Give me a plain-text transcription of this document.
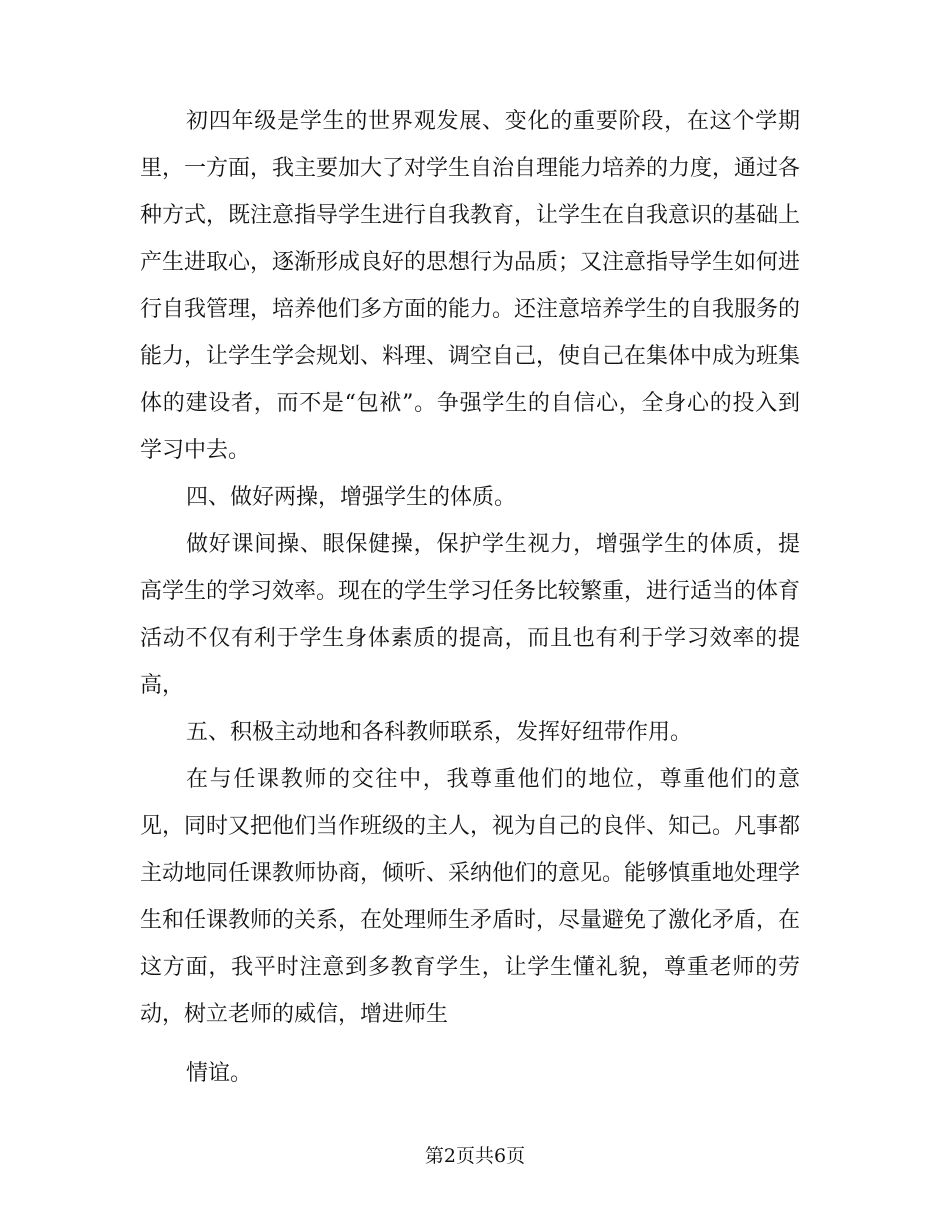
初四年级是学生的世界观发展、变化的重要阶段，在这个学期里，一方面，我主要加大了对学生自治自理能力培养的力度，通过各种方式，既注意指导学生进行自我教育，让学生在自我意识的基础上产生进取心，逐渐形成良好的思想行为品质；又注意指导学生如何进行自我管理，培养他们多方面的能力。还注意培养学生的自我服务的能力，让学生学会规划、料理、调空自己，使自己在集体中成为班集体的建设者，而不是“包袱”。争强学生的自信心，全身心的投入到学习中去。

四、做好两操，增强学生的体质。

做好课间操、眼保健操，保护学生视力，增强学生的体质，提高学生的学习效率。现在的学生学习任务比较繁重，进行适当的体育活动不仅有利于学生身体素质的提高，而且也有利于学习效率的提高，

五、积极主动地和各科教师联系，发挥好纽带作用。

在与任课教师的交往中，我尊重他们的地位，尊重他们的意见，同时又把他们当作班级的主人，视为自己的良伴、知己。凡事都主动地同任课教师协商，倾听、采纳他们的意见。能够慎重地处理学生和任课教师的关系，在处理师生矛盾时，尽量避免了激化矛盾，在这方面，我平时注意到多教育学生，让学生懂礼貌，尊重老师的劳动，树立老师的威信，增进师生

情谊。

第2页共6页
